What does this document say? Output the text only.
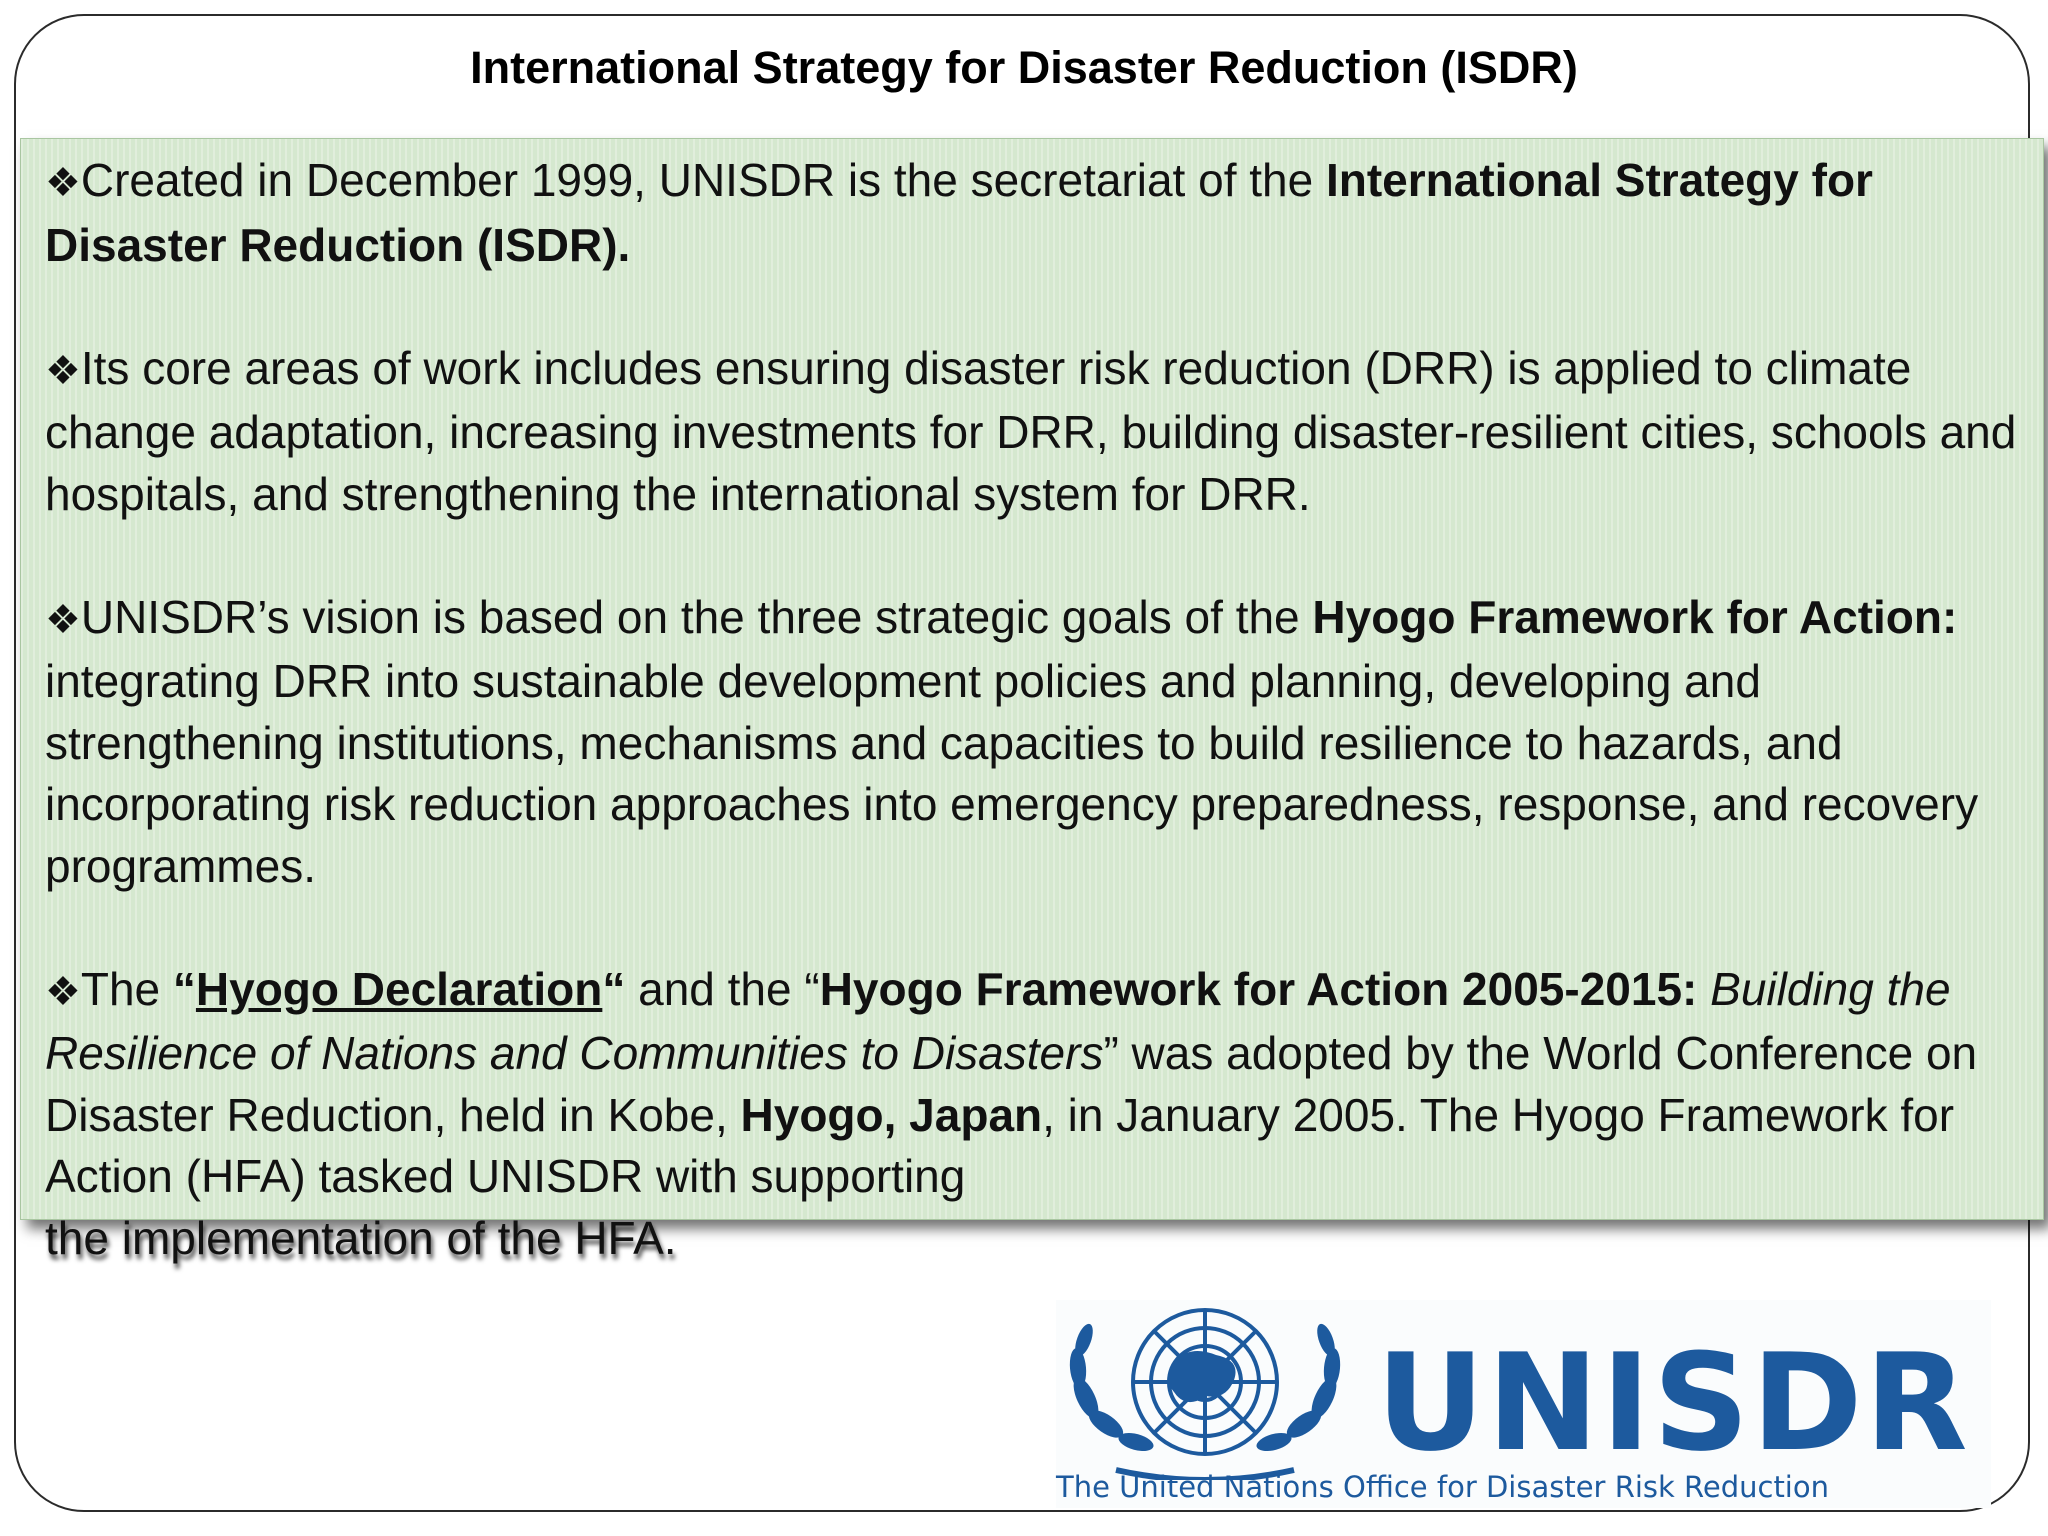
International Strategy for Disaster Reduction (ISDR)

❖Created in December 1999, UNISDR is the secretariat of the International Strategy for Disaster Reduction (ISDR).

❖Its core areas of work includes ensuring disaster risk reduction (DRR) is applied to climate change adaptation, increasing investments for DRR, building disaster-resilient cities, schools and hospitals, and strengthening the international system for DRR.

❖UNISDR’s vision is based on the three strategic goals of the Hyogo Framework for Action: integrating DRR into sustainable development policies and planning, developing and strengthening institutions, mechanisms and capacities to build resilience to hazards, and incorporating risk reduction approaches into emergency preparedness, response, and recovery programmes.

❖The “Hyogo Declaration“ and the “Hyogo Framework for Action 2005-2015: Building the Resilience of Nations and Communities to Disasters” was adopted by the World Conference on Disaster Reduction, held in Kobe, Hyogo, Japan, in January 2005. The Hyogo Framework for Action (HFA) tasked UNISDR with supporting
the implementation of the HFA.

UNISDR
The United Nations Office for Disaster Risk Reduction
